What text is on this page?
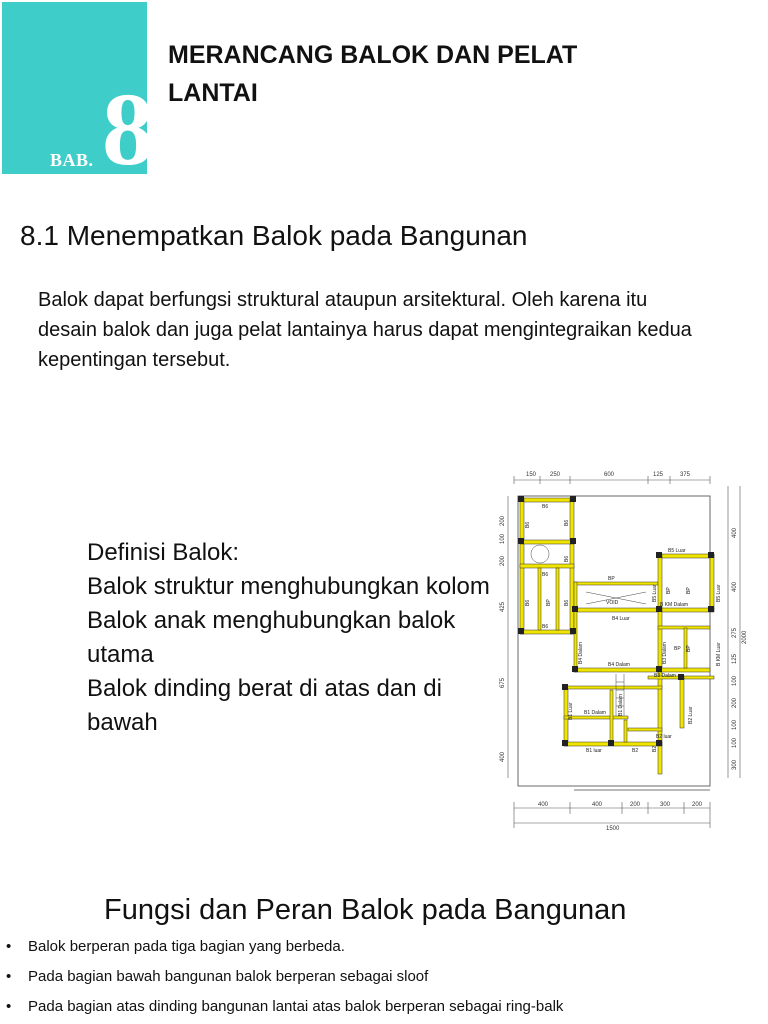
BAB. 8
MERANCANG BALOK DAN PELAT LANTAI
8.1 Menempatkan Balok pada Bangunan
Balok dapat berfungsi struktural ataupun arsitektural. Oleh karena itu desain balok dan juga pelat lantainya harus dapat mengintegraikan kedua kepentingan tersebut.
Definisi Balok:
Balok struktur menghubungkan kolom
Balok anak menghubungkan balok utama
Balok dinding berat di atas dan di bawah
150 250	600	125	375
400	400	200	300	200
1500
200
100
200
425
675
400
400
400
275
125
100
200
100
100
300
2000
B6
B6
B6
BP
VOID
B5 Luar
B KM Dalam
B4 Luar
BP
B4 Dalam
B3 Dalam
B1 Dalam
B1 luar	B2
B2 luar
B6	B6
B6
B6	B6
BP
BP	BP
BP
B5 Luar	B5 Luar
B KM Luar
B4 Dalam	B3 Dalam
B1 Luar	B1 Dalam
B2
B2 Luar
Fungsi dan Peran Balok pada Bangunan
• Balok berperan pada tiga bagian yang berbeda.
• Pada bagian bawah bangunan balok berperan sebagai sloof
• Pada bagian atas dinding bangunan lantai atas balok berperan sebagai ring-balk
